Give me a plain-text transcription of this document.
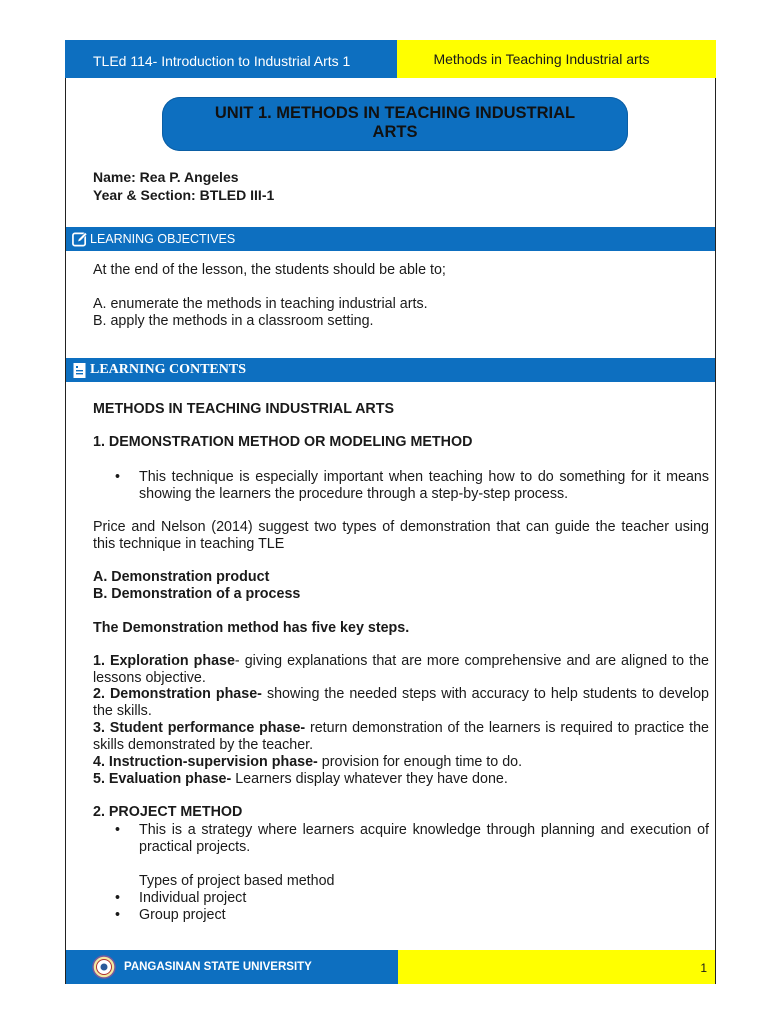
TLEd 114- Introduction to Industrial Arts 1	Methods in Teaching Industrial arts
UNIT 1. METHODS IN TEACHING INDUSTRIAL ARTS
Name: Rea P. Angeles
Year & Section: BTLED III-1
LEARNING OBJECTIVES
At the end of the lesson, the students should be able to;
A. enumerate the methods in teaching industrial arts.
B. apply the methods in a classroom setting.
LEARNING CONTENTS
METHODS IN TEACHING INDUSTRIAL ARTS
1. DEMONSTRATION METHOD OR MODELING METHOD
• This technique is especially important when teaching how to do something for it means showing the learners the procedure through a step-by-step process.
Price and Nelson (2014) suggest two types of demonstration that can guide the teacher using this technique in teaching TLE
A. Demonstration product
B. Demonstration of a process
The Demonstration method has five key steps.
1. Exploration phase- giving explanations that are more comprehensive and are aligned to the lessons objective.
2. Demonstration phase- showing the needed steps with accuracy to help students to develop the skills.
3. Student performance phase- return demonstration of the learners is required to practice the skills demonstrated by the teacher.
4. Instruction-supervision phase- provision for enough time to do.
5. Evaluation phase- Learners display whatever they have done.
2. PROJECT METHOD
• This is a strategy where learners acquire knowledge through planning and execution of practical projects.
Types of project based method
• Individual project
• Group project
PANGASINAN STATE UNIVERSITY	1
